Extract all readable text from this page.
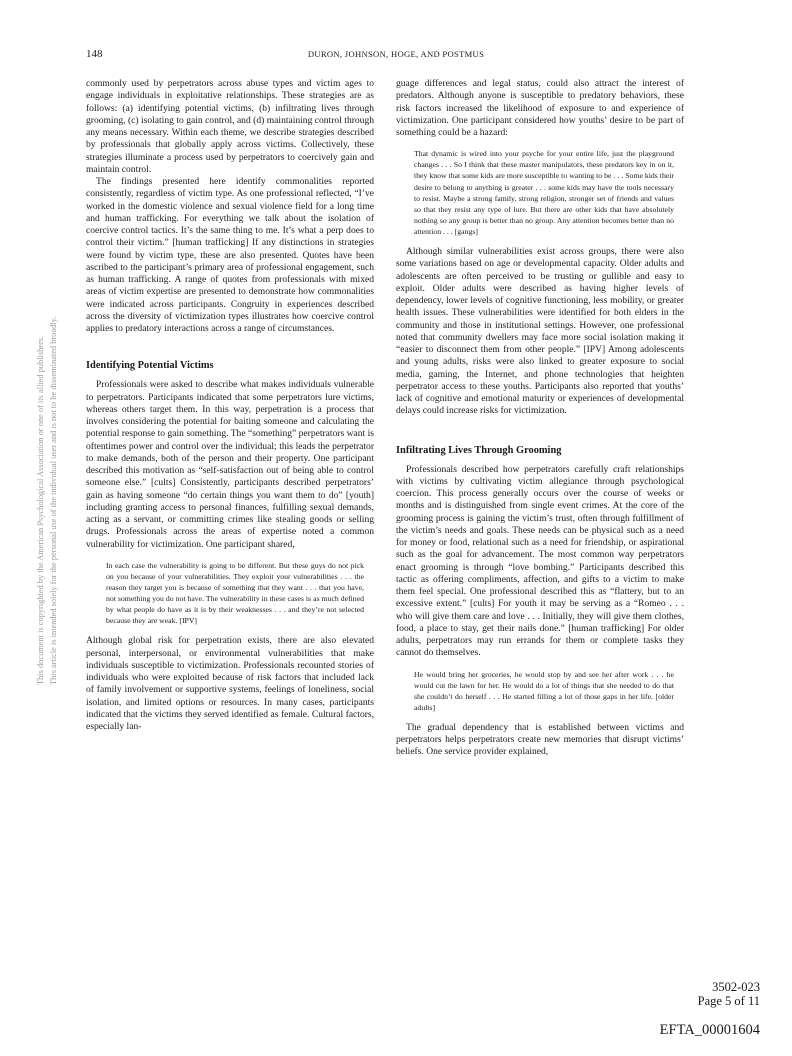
148	DURON, JOHNSON, HOGE, AND POSTMUS
This document is copyrighted by the American Psychological Association or one of its allied publishers. This article is intended solely for the personal use of the individual user and is not to be disseminated broadly.

commonly used by perpetrators across abuse types and victim ages to engage individuals in exploitative relationships. These strategies are as follows: (a) identifying potential victims, (b) infiltrating lives through grooming, (c) isolating to gain control, and (d) maintaining control through any means necessary. Within each theme, we describe strategies described by professionals that globally apply across victims. Collectively, these strategies illuminate a process used by perpetrators to coercively gain and maintain control.

The findings presented here identify commonalities reported consistently, regardless of victim type. As one professional reflected, “I’ve worked in the domestic violence and sexual violence field for a long time and human trafficking. For everything we talk about the isolation of coercive control tactics. It’s the same thing to me. It’s what a perp does to control their victim.” [human trafficking] If any distinctions in strategies were found by victim type, these are also presented. Quotes have been ascribed to the participant’s primary area of professional engagement, such as human trafficking. A range of quotes from professionals with mixed areas of victim expertise are presented to demonstrate how commonalities were indicated across participants. Congruity in experiences described across the diversity of victimization types illustrates how coercive control applies to predatory interactions across a range of circumstances.

Identifying Potential Victims

Professionals were asked to describe what makes individuals vulnerable to perpetrators. Participants indicated that some perpetrators lure victims, whereas others target them. In this way, perpetration is a process that involves considering the potential for baiting someone and calculating the potential response to gain something. The “something” perpetrators want is oftentimes power and control over the individual; this leads the perpetrator to make demands, both of the person and their property. One participant described this motivation as “self-satisfaction out of being able to control someone else.” [cults] Consistently, participants described perpetrators’ gain as having someone “do certain things you want them to do” [youth] including granting access to personal finances, fulfilling sexual demands, acting as a servant, or committing crimes like stealing goods or selling drugs. Professionals across the areas of expertise noted a common vulnerability for victimization. One participant shared,

In each case the vulnerability is going to be different. But these guys do not pick on you because of your vulnerabilities. They exploit your vulnerabilities . . . the reason they target you is because of something that they want . . . that you have, not something you do not have. The vulnerability in these cases is as much defined by what people do have as it is by their weaknesses . . . and they’re not selected because they are weak. [IPV]

Although global risk for perpetration exists, there are also elevated personal, interpersonal, or environmental vulnerabilities that make individuals susceptible to victimization. Professionals recounted stories of individuals who were exploited because of risk factors that included lack of family involvement or supportive systems, feelings of loneliness, social isolation, and limited options or resources. In many cases, participants indicated that the victims they served identified as female. Cultural factors, especially lan-

guage differences and legal status, could also attract the interest of predators. Although anyone is susceptible to predatory behaviors, these risk factors increased the likelihood of exposure to and experience of victimization. One participant considered how youths’ desire to be part of something could be a hazard:

That dynamic is wired into your psyche for your entire life, just the playground changes . . . So I think that these master manipulators, these predators key in on it, they know that some kids are more susceptible to wanting to be . . . Some kids their desire to belong to anything is greater . . . some kids may have the tools necessary to resist. Maybe a strong family, strong religion, stronger set of friends and values so that they resist any type of lure. But there are other kids that have absolutely nothing so any group is better than no group. Any attention becomes better than no attention . . . [gangs]

Although similar vulnerabilities exist across groups, there were also some variations based on age or developmental capacity. Older adults and adolescents are often perceived to be trusting or gullible and easy to exploit. Older adults were described as having higher levels of dependency, lower levels of cognitive functioning, less mobility, or greater health issues. These vulnerabilities were identified for both elders in the community and those in institutional settings. However, one professional noted that community dwellers may face more social isolation making it “easier to disconnect them from other people.” [IPV] Among adolescents and young adults, risks were also linked to greater exposure to social media, gaming, the Internet, and phone technologies that heighten perpetrator access to these youths. Participants also reported that youths’ lack of cognitive and emotional maturity or experiences of developmental delays could increase risks for victimization.

Infiltrating Lives Through Grooming

Professionals described how perpetrators carefully craft relationships with victims by cultivating victim allegiance through psychological coercion. This process generally occurs over the course of weeks or months and is distinguished from single event crimes. At the core of the grooming process is gaining the victim’s trust, often through fulfillment of the victim’s needs and goals. These needs can be physical such as a need for money or food, relational such as a need for friendship, or aspirational such as the goal for advancement. The most common way perpetrators enact grooming is through “love bombing.” Participants described this tactic as offering compliments, affection, and gifts to a victim to make them feel special. One professional described this as “flattery, but to an excessive extent.” [cults] For youth it may be serving as a “Romeo . . . who will give them care and love . . . Initially, they will give them clothes, food, a place to stay, get their nails done.” [human trafficking] For older adults, perpetrators may run errands for them or complete tasks they cannot do themselves.

He would bring her groceries, he would stop by and see her after work . . . he would cut the lawn for her. He would do a lot of things that she needed to do that she couldn’t do herself . . . He started filling a lot of those gaps in her life. [older adults]

The gradual dependency that is established between victims and perpetrators helps perpetrators create new memories that disrupt victims’ beliefs. One service provider explained,

3502-023
Page 5 of 11
EFTA_00001604
